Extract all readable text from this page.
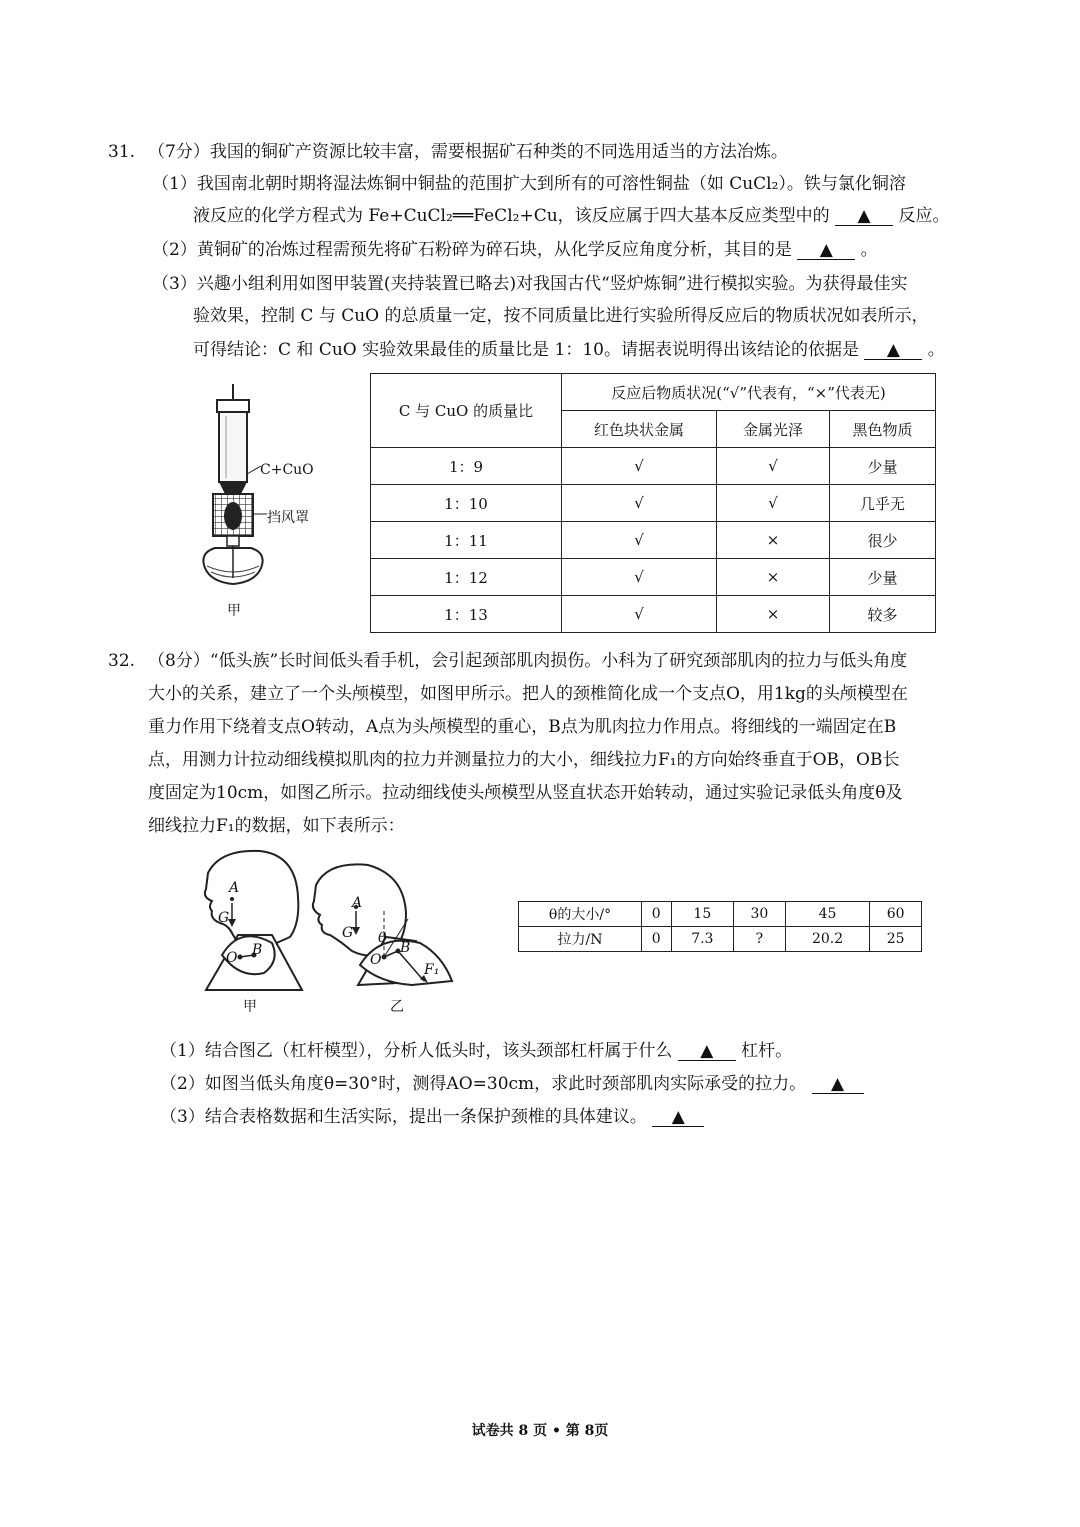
31. （7分）我国的铜矿产资源比较丰富，需要根据矿石种类的不同选用适当的方法冶炼。
（1）我国南北朝时期将湿法炼铜中铜盐的范围扩大到所有的可溶性铜盐（如 CuCl₂）。铁与氯化铜溶
液反应的化学方程式为 Fe+CuCl₂══FeCl₂+Cu，该反应属于四大基本反应类型中的 ▲ 反应。
（2）黄铜矿的冶炼过程需预先将矿石粉碎为碎石块，从化学反应角度分析，其目的是 ▲ 。
（3）兴趣小组利用如图甲装置(夹持装置已略去)对我国古代“竖炉炼铜”进行模拟实验。为获得最佳实
验效果，控制 C 与 CuO 的总质量一定，按不同质量比进行实验所得反应后的物质状况如表所示，
可得结论：C 和 CuO 实验效果最佳的质量比是 1：10。请据表说明得出该结论的依据是 ▲ 。
C+CuO
挡风罩
甲
C 与 CuO 的质量比	反应后物质状况(“√”代表有，“×”代表无)		
	红色块状金属	金属光泽	黑色物质
1：9	√	√	少量
1：10	√	√	几乎无
1：11	√	×	很少
1：12	√	×	少量
1：13	√	×	较多
32. （8分）“低头族”长时间低头看手机，会引起颈部肌肉损伤。小科为了研究颈部肌肉的拉力与低头角度
大小的关系，建立了一个头颅模型，如图甲所示。把人的颈椎简化成一个支点O，用1kg的头颅模型在
重力作用下绕着支点O转动，A点为头颅模型的重心，B点为肌肉拉力作用点。将细线的一端固定在B
点，用测力计拉动细线模拟肌肉的拉力并测量拉力的大小，细线拉力F₁的方向始终垂直于OB，OB长
度固定为10cm，如图乙所示。拉动细线使头颅模型从竖直状态开始转动，通过实验记录低头角度θ及
细线拉力F₁的数据，如下表所示：
A
G
O B
A
G θ
O
B
F₁
甲	乙
θ的大小/°	0	15	30	45	60
拉力/N	0	7.3	?	20.2	25
（1）结合图乙（杠杆模型），分析人低头时，该头颈部杠杆属于什么 ▲ 杠杆。
（2）如图当低头角度θ=30°时，测得AO=30cm，求此时颈部肌肉实际承受的拉力。 ▲
（3）结合表格数据和生活实际，提出一条保护颈椎的具体建议。 ▲
试卷共 8 页 • 第 8页
